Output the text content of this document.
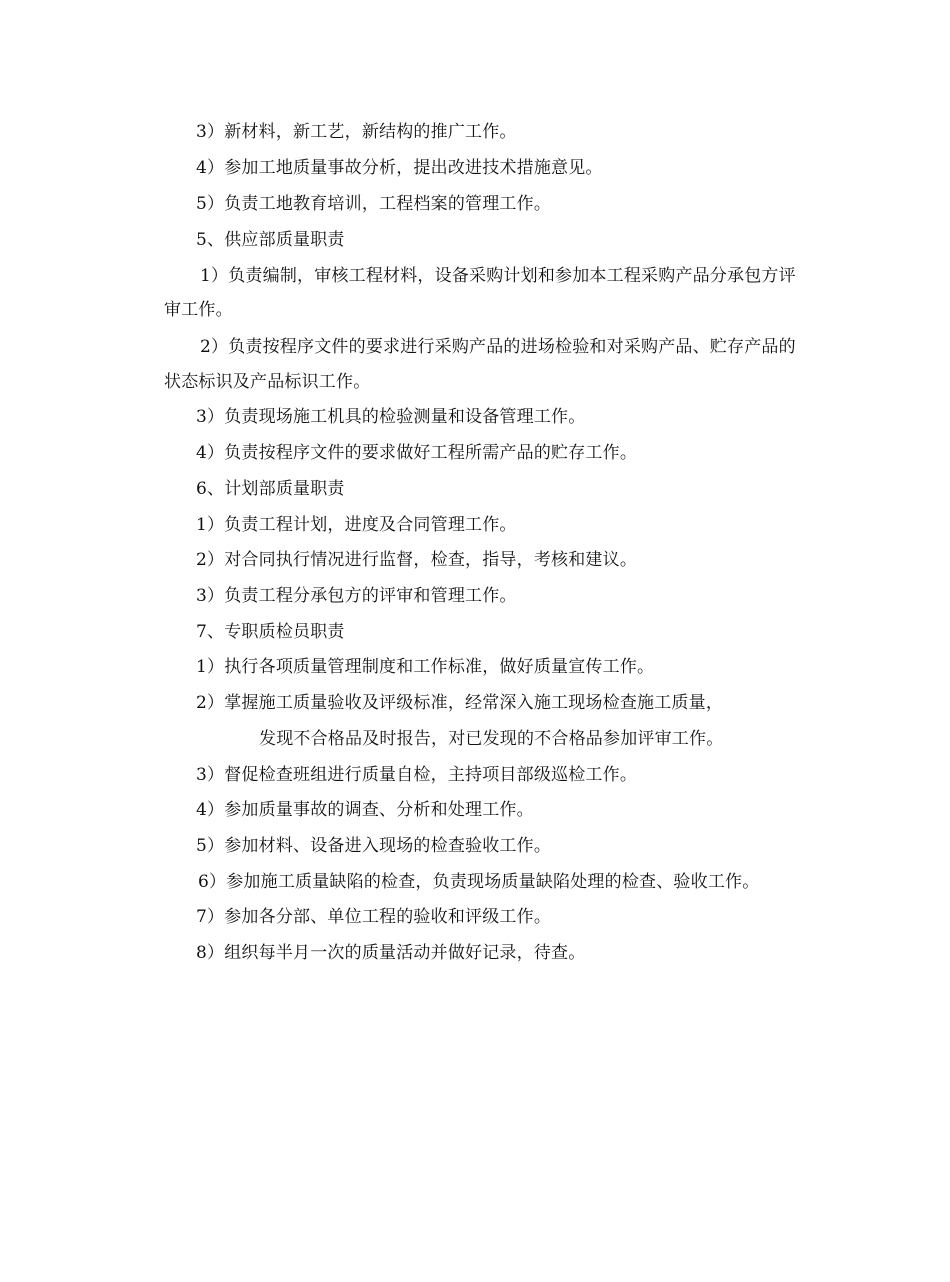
3）新材料，新工艺，新结构的推广工作。
4）参加工地质量事故分析，提出改进技术措施意见。
5）负责工地教育培训，工程档案的管理工作。
5、供应部质量职责
1）负责编制，审核工程材料，设备采购计划和参加本工程采购产品分承包方评
审工作。
2）负责按程序文件的要求进行采购产品的进场检验和对采购产品、贮存产品的
状态标识及产品标识工作。
3）负责现场施工机具的检验测量和设备管理工作。
4）负责按程序文件的要求做好工程所需产品的贮存工作。
6、计划部质量职责
1）负责工程计划，进度及合同管理工作。
2）对合同执行情况进行监督，检查，指导，考核和建议。
3）负责工程分承包方的评审和管理工作。
7、专职质检员职责
1）执行各项质量管理制度和工作标准，做好质量宣传工作。
2）掌握施工质量验收及评级标准，经常深入施工现场检查施工质量，
发现不合格品及时报告，对已发现的不合格品参加评审工作。
3）督促检查班组进行质量自检，主持项目部级巡检工作。
4）参加质量事故的调查、分析和处理工作。
5）参加材料、设备进入现场的检查验收工作。
6）参加施工质量缺陷的检查，负责现场质量缺陷处理的检查、验收工作。
7）参加各分部、单位工程的验收和评级工作。
8）组织每半月一次的质量活动并做好记录，待查。
